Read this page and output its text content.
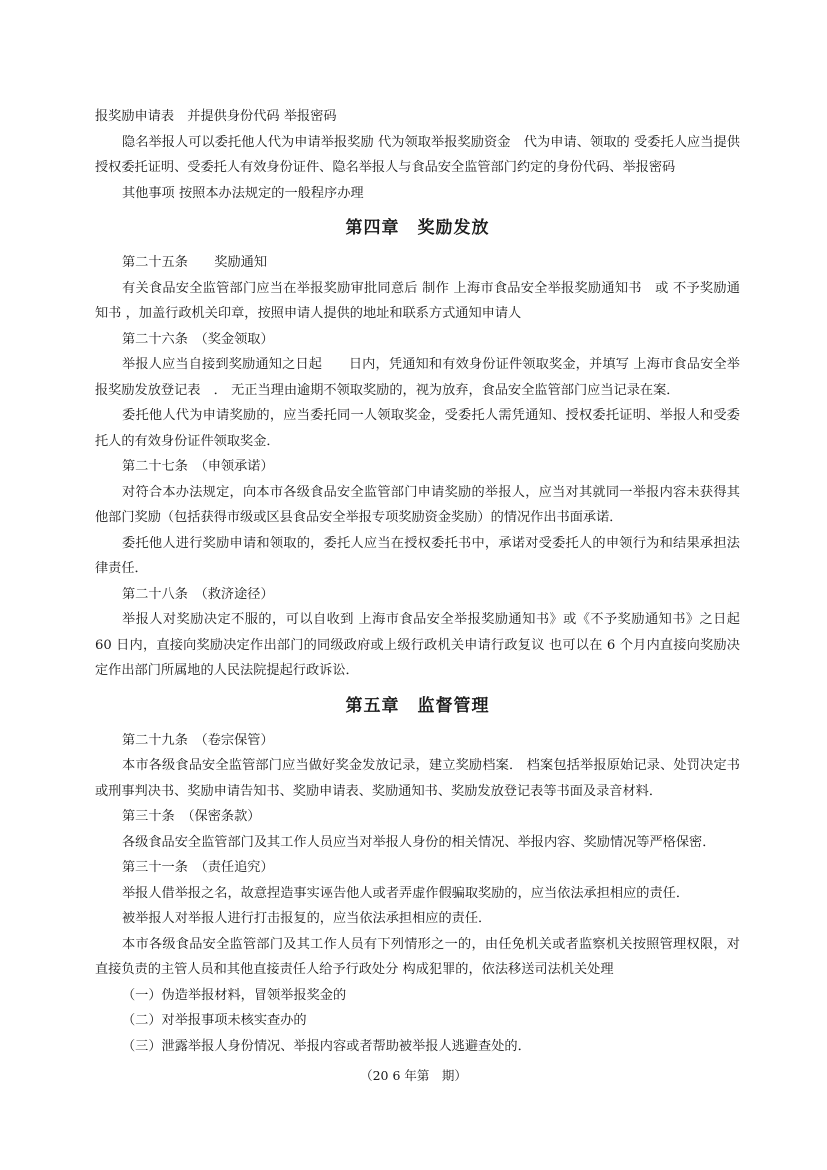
报奖励申请表　并提供身份代码 举报密码

隐名举报人可以委托他人代为申请举报奖励 代为领取举报奖励资金　代为申请、领取的 受委托人应当提供授权委托证明、受委托人有效身份证件、隐名举报人与食品安全监管部门约定的身份代码、举报密码

其他事项 按照本办法规定的一般程序办理

第四章　奖励发放

第二十五条　　奖励通知

有关食品安全监管部门应当在举报奖励审批同意后 制作 上海市食品安全举报奖励通知书　或 不予奖励通知书 ，加盖行政机关印章，按照申请人提供的地址和联系方式通知申请人

第二十六条　（奖金领取）

举报人应当自接到奖励通知之日起　　日内，凭通知和有效身份证件领取奖金，并填写 上海市食品安全举报奖励发放登记表　． 无正当理由逾期不领取奖励的，视为放弃，食品安全监管部门应当记录在案．

委托他人代为申请奖励的，应当委托同一人领取奖金，受委托人需凭通知、授权委托证明、举报人和受委托人的有效身份证件领取奖金．

第二十七条　（申领承诺）

对符合本办法规定，向本市各级食品安全监管部门申请奖励的举报人，应当对其就同一举报内容未获得其他部门奖励（包括获得市级或区县食品安全举报专项奖励资金奖励）的情况作出书面承诺．

委托他人进行奖励申请和领取的，委托人应当在授权委托书中，承诺对受委托人的申领行为和结果承担法律责任．

第二十八条　（救济途径）

举报人对奖励决定不服的，可以自收到 上海市食品安全举报奖励通知书》或《不予奖励通知书》之日起 60 日内，直接向奖励决定作出部门的同级政府或上级行政机关申请行政复议 也可以在 6 个月内直接向奖励决定作出部门所属地的人民法院提起行政诉讼．

第五章　监督管理

第二十九条　（卷宗保管）

本市各级食品安全监管部门应当做好奖金发放记录，建立奖励档案． 档案包括举报原始记录、处罚决定书或刑事判决书、奖励申请告知书、奖励申请表、奖励通知书、奖励发放登记表等书面及录音材料．

第三十条　（保密条款）

各级食品安全监管部门及其工作人员应当对举报人身份的相关情况、举报内容、奖励情况等严格保密．

第三十一条　（责任追究）

举报人借举报之名，故意捏造事实诬告他人或者弄虚作假骗取奖励的，应当依法承担相应的责任．

被举报人对举报人进行打击报复的，应当依法承担相应的责任．

本市各级食品安全监管部门及其工作人员有下列情形之一的，由任免机关或者监察机关按照管理权限，对直接负责的主管人员和其他直接责任人给予行政处分 构成犯罪的，依法移送司法机关处理

（一）伪造举报材料，冒领举报奖金的

（二）对举报事项未核实查办的

（三）泄露举报人身份情况、举报内容或者帮助被举报人逃避查处的．

（20 6 年第　期）
